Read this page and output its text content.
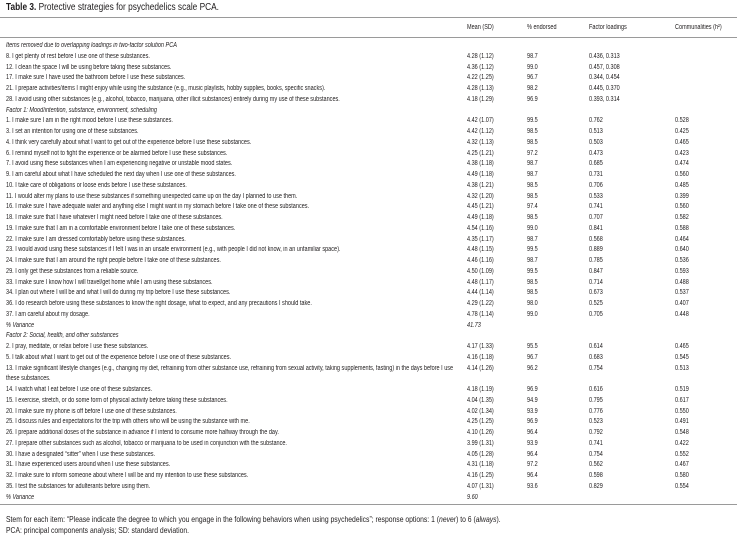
Table 3. Protective strategies for psychedelics scale PCA.
Mean (SD)	% endorsed	Factor loadings	Communalities (h²)
Items removed due to overlapping loadings in two-factor solution PCA
8. I get plenty of rest before I use one of these substances.	4.28 (1.12)	98.7	0.436, 0.313
12. I clean the space I will be using before taking these substances.	4.36 (1.12)	99.0	0.457, 0.308
17. I make sure I have used the bathroom before I use these substances.	4.22 (1.25)	96.7	0.344, 0.454
21. I prepare activities/items I might enjoy while using the substance (e.g., music playlists, hobby supplies, books, specific snacks).	4.28 (1.13)	98.2	0.445, 0.370
28. I avoid using other substances (e.g., alcohol, tobacco, marijuana, other illicit substances) entirely during my use of these substances.	4.18 (1.29)	96.9	0.393, 0.314
Factor 1: Mood/intention, substance, environment, scheduling
1. I make sure I am in the right mood before I use these substances.	4.42 (1.07)	99.5	0.762	0.528
3. I set an intention for using one of these substances.	4.42 (1.12)	98.5	0.513	0.425
4. I think very carefully about what I want to get out of the experience before I use these substances.	4.32 (1.13)	98.5	0.503	0.465
6. I remind myself not to fight the experience or be alarmed before I use these substances.	4.25 (1.21)	97.2	0.473	0.423
7. I avoid using these substances when I am experiencing negative or unstable mood states.	4.38 (1.18)	98.7	0.685	0.474
9. I am careful about what I have scheduled the next day when I use one of these substances.	4.49 (1.18)	98.7	0.731	0.560
10. I take care of obligations or loose ends before I use these substances.	4.38 (1.21)	98.5	0.706	0.485
11. I would alter my plans to use these substances if something unexpected came up on the day I planned to use them.	4.32 (1.20)	98.5	0.533	0.399
16. I make sure I have adequate water and anything else I might want in my stomach before I take one of these substances.	4.45 (1.21)	97.4	0.741	0.560
18. I make sure that I have whatever I might need before I take one of these substances.	4.49 (1.18)	98.5	0.707	0.582
19. I make sure that I am in a comfortable environment before I take one of these substances.	4.54 (1.16)	99.0	0.841	0.588
22. I make sure I am dressed comfortably before using these substances.	4.35 (1.17)	98.7	0.568	0.464
23. I would avoid using these substances if I felt I was in an unsafe environment (e.g., with people I did not know, in an unfamiliar space).	4.48 (1.15)	99.5	0.889	0.640
24. I make sure that I am around the right people before I take one of these substances.	4.46 (1.16)	98.7	0.785	0.536
29. I only get these substances from a reliable source.	4.50 (1.09)	99.5	0.847	0.593
33. I make sure I know how I will travel/get home while I am using these substances.	4.48 (1.17)	98.5	0.714	0.488
34. I plan out where I will be and what I will do during my trip before I use these substances.	4.44 (1.14)	98.5	0.673	0.537
36. I do research before using these substances to know the right dosage, what to expect, and any precautions I should take.	4.29 (1.22)	98.0	0.525	0.407
37. I am careful about my dosage.	4.78 (1.14)	99.0	0.705	0.448
% Variance	41.73
Factor 2: Social, health, and other substances
2. I pray, meditate, or relax before I use these substances.	4.17 (1.33)	95.5	0.614	0.465
5. I talk about what I want to get out of the experience before I use one of these substances.	4.16 (1.18)	96.7	0.683	0.545
13. I make significant lifestyle changes (e.g., changing my diet, refraining from other substance use, refraining from sexual activity, taking supplements, fasting) in the days before I use these substances.
4.14 (1.26)	96.2	0.754	0.513
14. I watch what I eat before I use one of these substances.	4.18 (1.19)	96.9	0.616	0.519
15. I exercise, stretch, or do some form of physical activity before taking these substances.	4.04 (1.35)	94.9	0.795	0.617
20. I make sure my phone is off before I use one of these substances.	4.02 (1.34)	93.9	0.776	0.550
25. I discuss rules and expectations for the trip with others who will be using the substance with me.	4.25 (1.25)	96.9	0.523	0.491
26. I prepare additional doses of the substance in advance if I intend to consume more halfway through the day.	4.10 (1.26)	96.4	0.792	0.548
27. I prepare other substances such as alcohol, tobacco or marijuana to be used in conjunction with the substance.	3.99 (1.31)	93.9	0.741	0.422
30. I have a designated “sitter” when I use these substances.	4.05 (1.28)	96.4	0.754	0.552
31. I have experienced users around when I use these substances.	4.31 (1.18)	97.2	0.562	0.467
32. I make sure to inform someone about where I will be and my intention to use these substances.	4.16 (1.25)	96.4	0.598	0.580
35. I test the substances for adulterants before using them.	4.07 (1.31)	93.6	0.829	0.554
% Variance	9.60
Stem for each item: “Please indicate the degree to which you engage in the following behaviors when using psychedelics”; response options: 1 (never) to 6 (always).
PCA: principal components analysis; SD: standard deviation.
